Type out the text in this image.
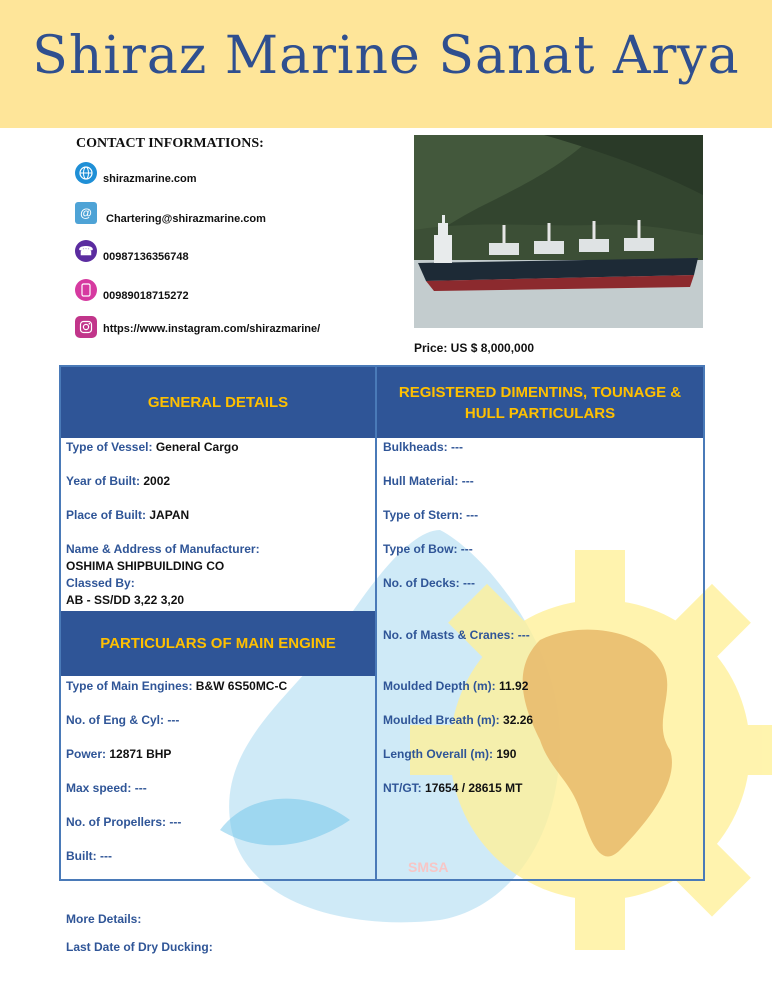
Shiraz Marine Sanat Arya
CONTACT INFORMATIONS:
shirazmarine.com
@	Chartering@shirazmarine.com
☎ 00987136356748
00989018715272
https://www.instagram.com/shirazmarine/
Price: US $ 8,000,000
SMSA
GENERAL DETAILS
REGISTERED DIMENTINS, TOUNAGE & HULL PARTICULARS
PARTICULARS OF MAIN ENGINE
Type of Vessel: General Cargo
Year of Built: 2002
Place of Built: JAPAN
Name & Address of Manufacturer:
OSHIMA SHIPBUILDING CO
Classed By:
AB - SS/DD 3,22 3,20
Type of Main Engines: B&W 6S50MC-C
No. of Eng & Cyl: ---
Power: 12871 BHP
Max speed: ---
No. of Propellers: ---
Built: ---
Bulkheads: ---
Hull Material: ---
Type of Stern: ---
Type of Bow: ---
No. of Decks: ---
No. of Masts & Cranes: ---
Moulded Depth (m): 11.92
Moulded Breath (m): 32.26
Length Overall (m): 190
NT/GT: 17654 / 28615 MT
More Details:
Last Date of Dry Ducking:
